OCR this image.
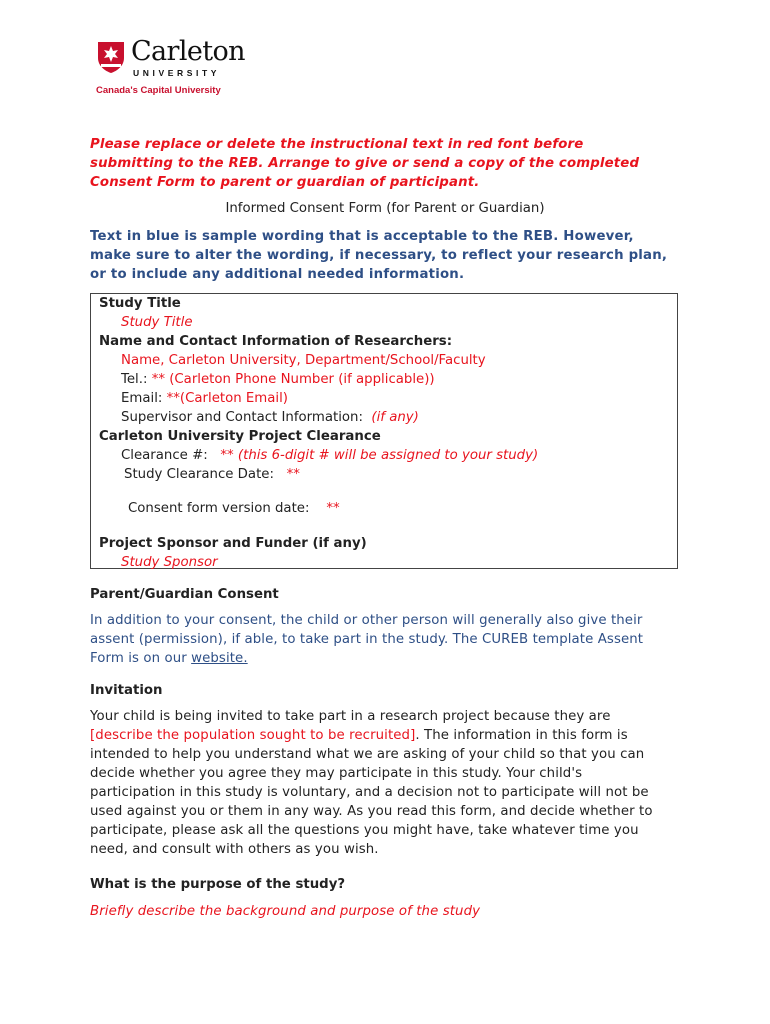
Carleton
UNIVERSITY
Canada's Capital University
Please replace or delete the instructional text in red font before
submitting to the REB. Arrange to give or send a copy of the completed
Consent Form to parent or guardian of participant.
Informed Consent Form (for Parent or Guardian)
Text in blue is sample wording that is acceptable to the REB. However,
make sure to alter the wording, if necessary, to reflect your research plan,
or to include any additional needed information.
Study Title
Study Title
Name and Contact Information of Researchers:
Name, Carleton University, Department/School/Faculty
Tel.: ** (Carleton Phone Number (if applicable))
Email: **(Carleton Email)
Supervisor and Contact Information: (if any)
Carleton University Project Clearance
Clearance #: ** (this 6-digit # will be assigned to your study)
Study Clearance Date: **
Consent form version date: **
Project Sponsor and Funder (if any)
Study Sponsor
Parent/Guardian Consent
In addition to your consent, the child or other person will generally also give their
assent (permission), if able, to take part in the study. The CUREB template Assent
Form is on our website.
Invitation
Your child is being invited to take part in a research project because they are
[describe the population sought to be recruited]. The information in this form is
intended to help you understand what we are asking of your child so that you can
decide whether you agree they may participate in this study. Your child's
participation in this study is voluntary, and a decision not to participate will not be
used against you or them in any way. As you read this form, and decide whether to
participate, please ask all the questions you might have, take whatever time you
need, and consult with others as you wish.
What is the purpose of the study?
Briefly describe the background and purpose of the study
